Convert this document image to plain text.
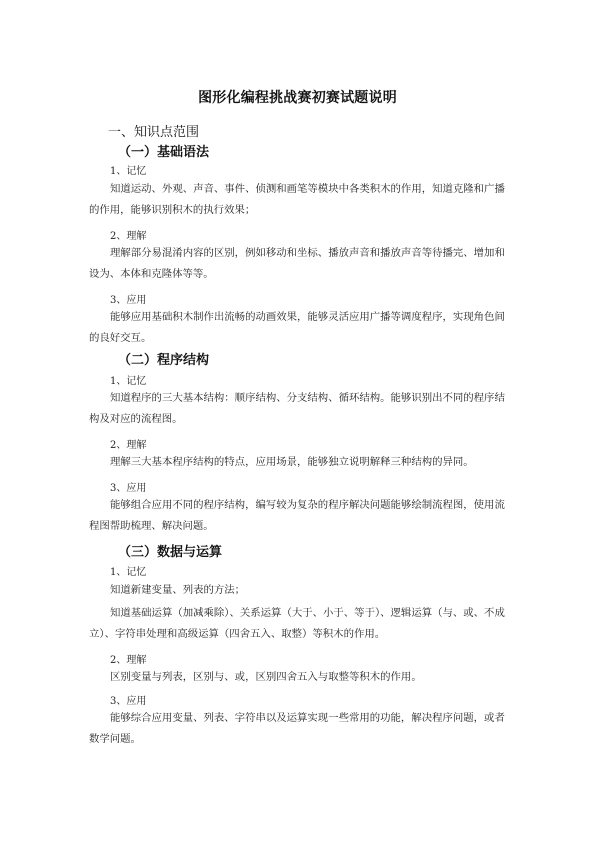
图形化编程挑战赛初赛试题说明
一、知识点范围
（一）基础语法
1、记忆
知道运动、外观、声音、事件、侦测和画笔等模块中各类积木的作用，知道克隆和广播的作用，能够识别积木的执行效果；
2、理解
理解部分易混淆内容的区别，例如移动和坐标、播放声音和播放声音等待播完、增加和设为、本体和克隆体等等。
3、应用
能够应用基础积木制作出流畅的动画效果，能够灵活应用广播等调度程序，实现角色间的良好交互。
（二）程序结构
1、记忆
知道程序的三大基本结构：顺序结构、分支结构、循环结构。能够识别出不同的程序结构及对应的流程图。
2、理解
理解三大基本程序结构的特点，应用场景，能够独立说明解释三种结构的异同。
3、应用
能够组合应用不同的程序结构，编写较为复杂的程序解决问题能够绘制流程图，使用流程图帮助梳理、解决问题。
（三）数据与运算
1、记忆
知道新建变量、列表的方法；
知道基础运算（加减乘除）、关系运算（大于、小于、等于）、逻辑运算（与、或、不成立）、字符串处理和高级运算（四舍五入、取整）等积木的作用。
2、理解
区别变量与列表，区别与、或，区别四舍五入与取整等积木的作用。
3、应用
能够综合应用变量、列表、字符串以及运算实现一些常用的功能，解决程序问题，或者数学问题。
